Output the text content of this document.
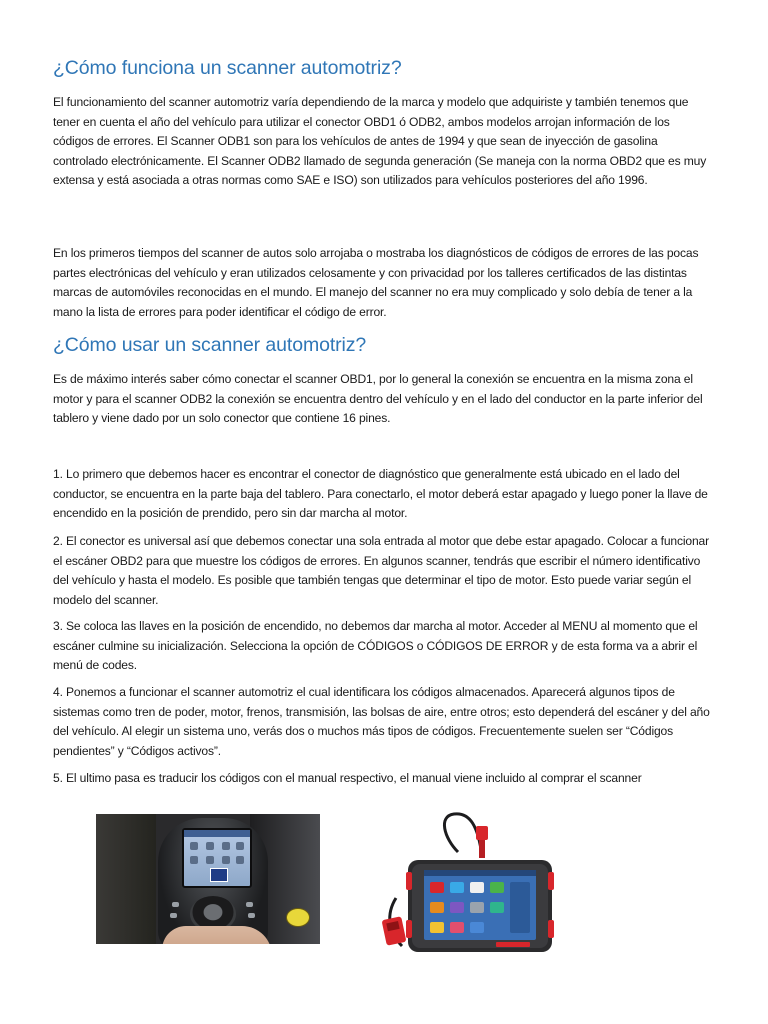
¿Cómo funciona un scanner automotriz?

El funcionamiento del scanner automotriz varía dependiendo de la marca y modelo que adquiriste y también tenemos que tener en cuenta el año del vehículo para utilizar el conector OBD1 ó ODB2, ambos modelos arrojan información de los códigos de errores. El Scanner ODB1 son para los vehículos de antes de 1994 y que sean de inyección de gasolina controlado electrónicamente. El Scanner ODB2 llamado de segunda generación (Se maneja con la norma OBD2 que es muy extensa y está asociada a otras normas como SAE e ISO) son utilizados para vehículos posteriores del año 1996.

En los primeros tiempos del scanner de autos solo arrojaba o mostraba los diagnósticos de códigos de errores de las pocas partes electrónicas del vehículo y eran utilizados celosamente y con privacidad por los talleres certificados de las distintas marcas de automóviles reconocidas en el mundo. El manejo del scanner no era muy complicado y solo debía de tener a la mano la lista de errores para poder identificar el código de error.

¿Cómo usar un scanner automotriz?

Es de máximo interés saber cómo conectar el scanner OBD1, por lo general la conexión se encuentra en la misma zona el motor y para el scanner ODB2 la conexión se encuentra dentro del vehículo y en el lado del conductor en la parte inferior del tablero y viene dado por un solo conector que contiene 16 pines.

1. Lo primero que debemos hacer es encontrar el conector de diagnóstico que generalmente está ubicado en el lado del conductor, se encuentra en la parte baja del tablero. Para conectarlo, el motor deberá estar apagado y luego poner la llave de encendido en la posición de prendido, pero sin dar marcha al motor.

2. El conector es universal así que debemos conectar una sola entrada al motor que debe estar apagado. Colocar a funcionar el escáner OBD2 para que muestre los códigos de errores. En algunos scanner, tendrás que escribir el número identificativo del vehículo y hasta el modelo. Es posible que también tengas que determinar el tipo de motor. Esto puede variar según el modelo del scanner.

3. Se coloca las llaves en la posición de encendido, no debemos dar marcha al motor. Acceder al MENU al momento que el escáner culmine su inicialización. Selecciona la opción de CÓDIGOS o CÓDIGOS DE ERROR y de esta forma va a abrir el menú de codes.

4. Ponemos a funcionar el scanner automotriz el cual identificara los códigos almacenados. Aparecerá algunos tipos de sistemas como tren de poder, motor, frenos, transmisión, las bolsas de aire, entre otros; esto dependerá del escáner y del año del vehículo. Al elegir un sistema uno, verás dos o muchos más tipos de códigos. Frecuentemente suelen ser “Códigos pendientes” y “Códigos activos”.

5. El ultimo pasa es traducir los códigos con el manual respectivo, el manual viene incluido al comprar el scanner
